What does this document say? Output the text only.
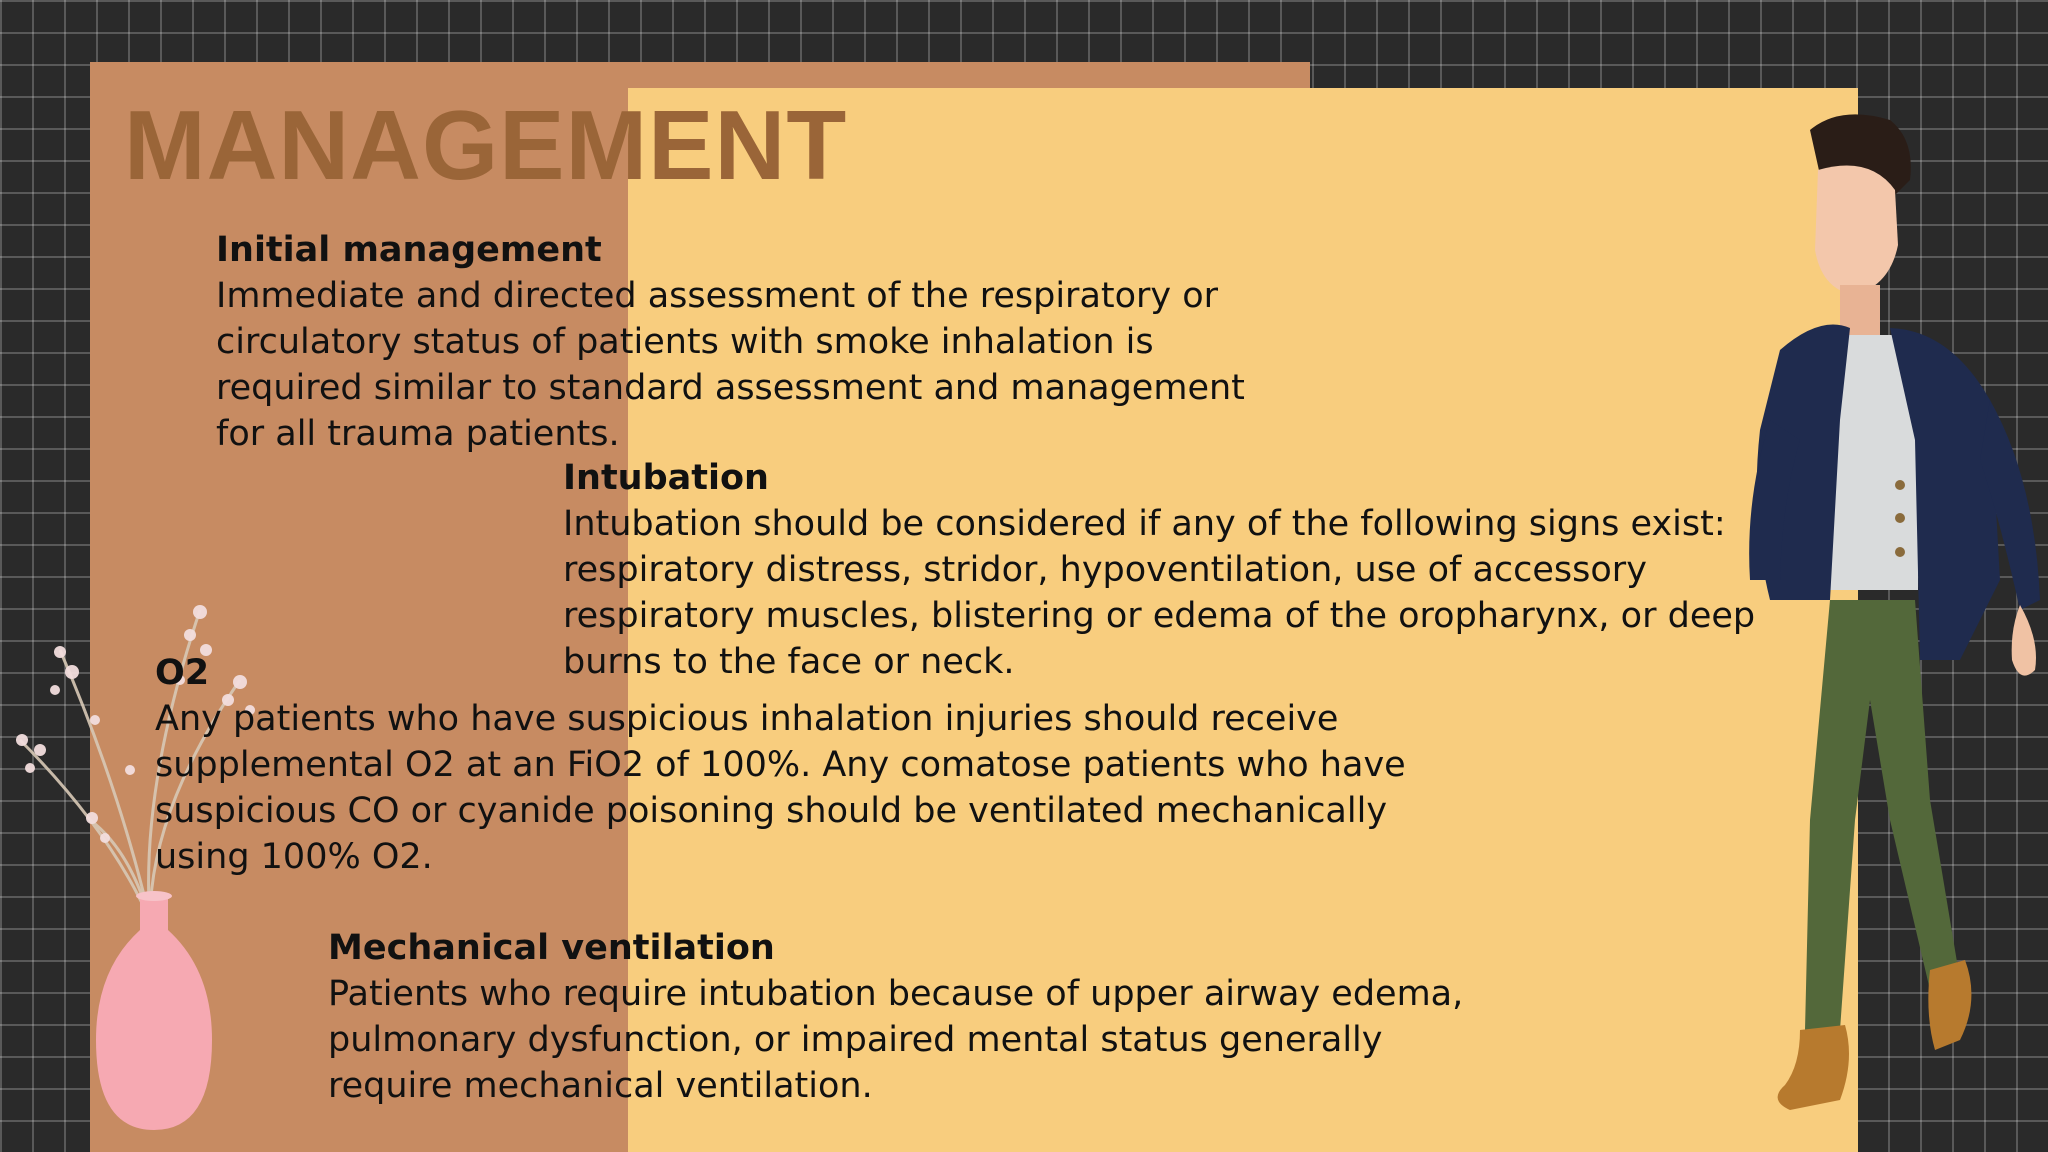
MANAGEMENT
Initial management

Immediate and directed assessment of the respiratory or

circulatory status of patients with smoke inhalation is

required similar to standard assessment and management

for all trauma patients.

Intubation

Intubation should be considered if any of the following signs exist:

respiratory distress, stridor, hypoventilation, use of accessory

respiratory muscles, blistering or edema of the oropharynx, or deep

burns to the face or neck.

O2

Any patients who have suspicious inhalation injuries should receive

supplemental O2 at an FiO2 of 100%. Any comatose patients who have

suspicious CO or cyanide poisoning should be ventilated mechanically

using 100% O2.

Mechanical ventilation

Patients who require intubation because of upper airway edema,

pulmonary dysfunction, or impaired mental status generally

require mechanical ventilation.
